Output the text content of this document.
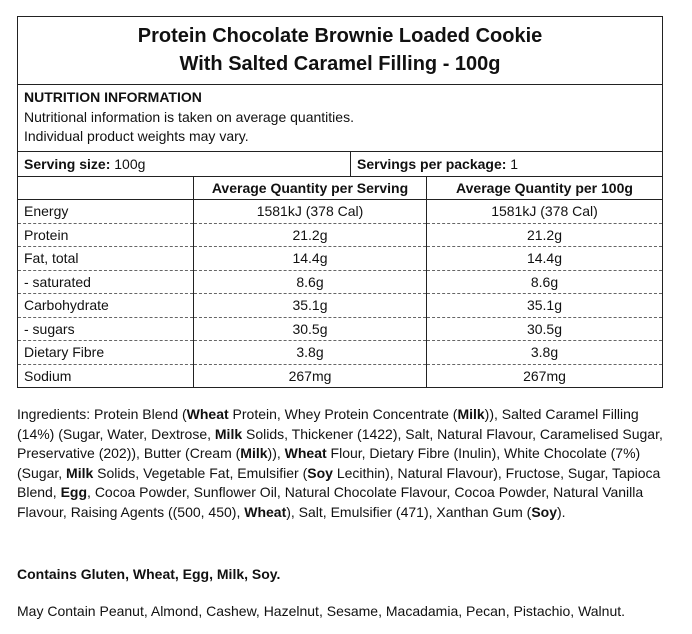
Protein Chocolate Brownie Loaded Cookie
With Salted Caramel Filling - 100g
NUTRITION INFORMATION
Nutritional information is taken on average quantities.
Individual product weights may vary.
Serving size: 100g	Servings per package: 1
	Average Quantity per Serving	Average Quantity per 100g
Energy	1581kJ (378 Cal)	1581kJ (378 Cal)
Protein	21.2g	21.2g
Fat, total	14.4g	14.4g
- saturated	8.6g	8.6g
Carbohydrate	35.1g	35.1g
- sugars	30.5g	30.5g
Dietary Fibre	3.8g	3.8g
Sodium	267mg	267mg
Ingredients: Protein Blend (Wheat Protein, Whey Protein Concentrate (Milk)), Salted Caramel Filling (14%) (Sugar, Water, Dextrose, Milk Solids, Thickener (1422), Salt, Natural Flavour, Caramelised Sugar, Preservative (202)), Butter (Cream (Milk)), Wheat Flour, Dietary Fibre (Inulin), White Chocolate (7%) (Sugar, Milk Solids, Vegetable Fat, Emulsifier (Soy Lecithin), Natural Flavour), Fructose, Sugar, Tapioca Blend, Egg, Cocoa Powder, Sunflower Oil, Natural Chocolate Flavour, Cocoa Powder, Natural Vanilla Flavour, Raising Agents ((500, 450), Wheat), Salt, Emulsifier (471), Xanthan Gum (Soy).
Contains Gluten, Wheat, Egg, Milk, Soy.
May Contain Peanut, Almond, Cashew, Hazelnut, Sesame, Macadamia, Pecan, Pistachio, Walnut.
